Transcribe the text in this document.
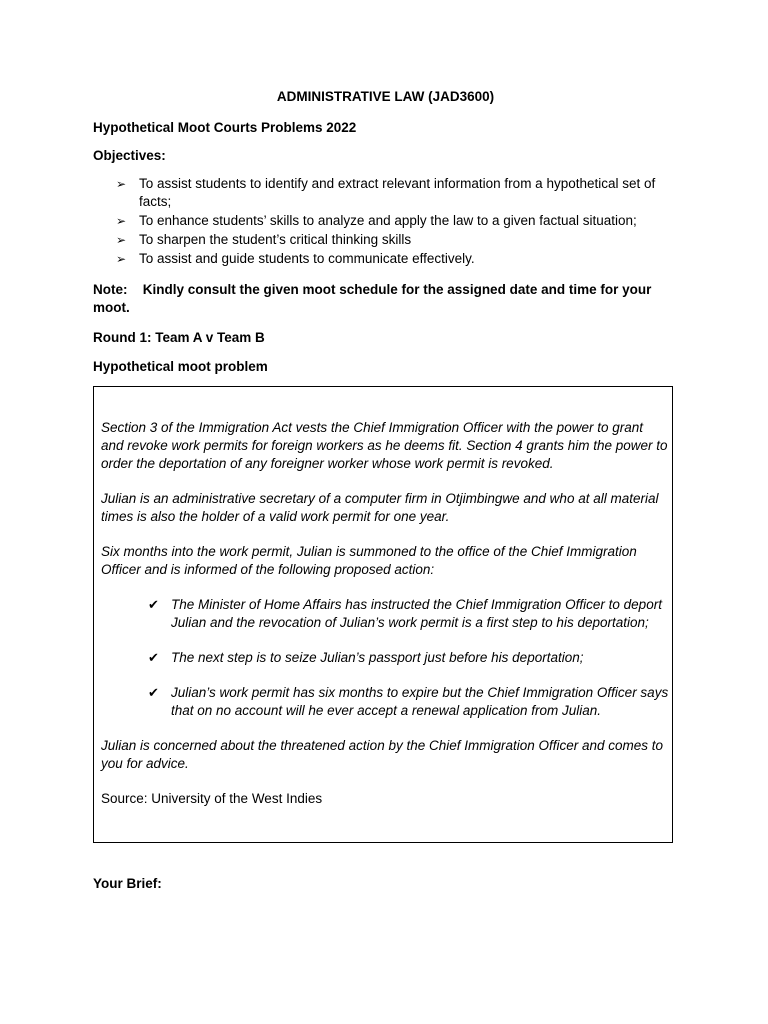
ADMINISTRATIVE LAW (JAD3600)
Hypothetical Moot Courts Problems 2022
Objectives:
➢ To assist students to identify and extract relevant information from a hypothetical set of facts;
➢ To enhance students’ skills to analyze and apply the law to a given factual situation;
➢ To sharpen the student’s critical thinking skills
➢ To assist and guide students to communicate effectively.
Note: Kindly consult the given moot schedule for the assigned date and time for your moot.
Round 1: Team A v Team B
Hypothetical moot problem

Section 3 of the Immigration Act vests the Chief Immigration Officer with the power to grant and revoke work permits for foreign workers as he deems fit. Section 4 grants him the power to order the deportation of any foreigner worker whose work permit is revoked.

Julian is an administrative secretary of a computer firm in Otjimbingwe and who at all material times is also the holder of a valid work permit for one year.

Six months into the work permit, Julian is summoned to the office of the Chief Immigration Officer and is informed of the following proposed action:

✔ The Minister of Home Affairs has instructed the Chief Immigration Officer to deport Julian and the revocation of Julian’s work permit is a first step to his deportation;
✔ The next step is to seize Julian’s passport just before his deportation;
✔ Julian’s work permit has six months to expire but the Chief Immigration Officer says that on no account will he ever accept a renewal application from Julian.

Julian is concerned about the threatened action by the Chief Immigration Officer and comes to you for advice.

Source: University of the West Indies

Your Brief:
